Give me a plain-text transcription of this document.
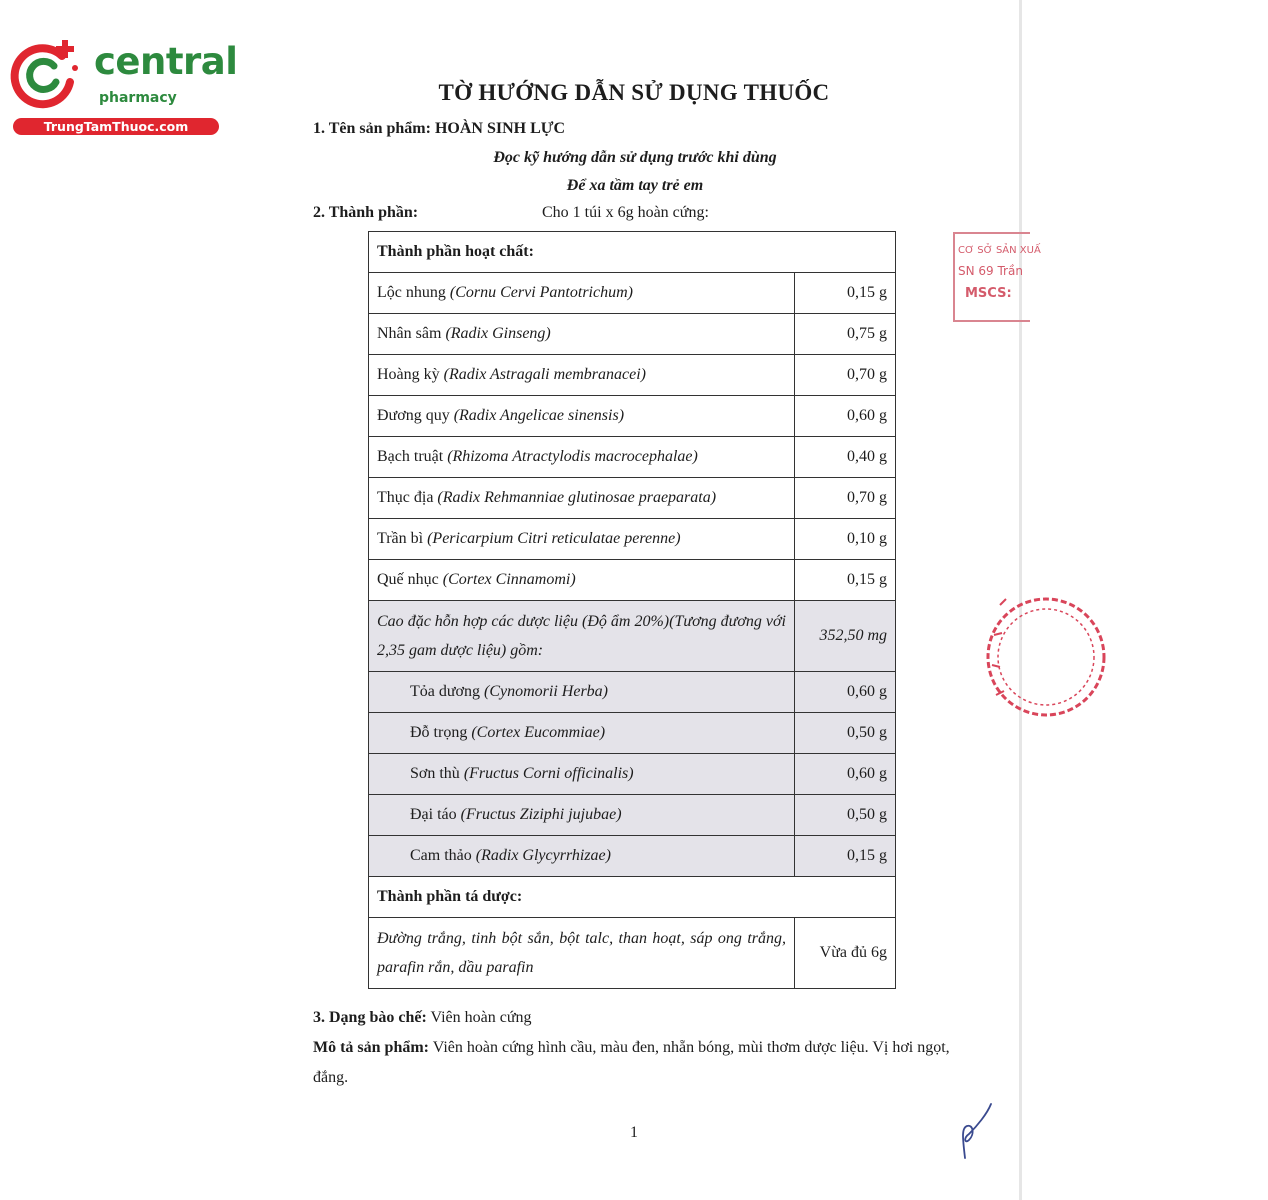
central
pharmacy
TrungTamThuoc.com
TỜ HƯỚNG DẪN SỬ DỤNG THUỐC
1. Tên sản phẩm: HOÀN SINH LỰC
Đọc kỹ hướng dẫn sử dụng trước khi dùng
Để xa tầm tay trẻ em
2. Thành phần:	Cho 1 túi x 6g hoàn cứng:
Thành phần hoạt chất:	
Lộc nhung (Cornu Cervi Pantotrichum)	0,15 g
Nhân sâm (Radix Ginseng)	0,75 g
Hoàng kỳ (Radix Astragali membranacei)	0,70 g
Đương quy (Radix Angelicae sinensis)	0,60 g
Bạch truật (Rhizoma Atractylodis macrocephalae)	0,40 g
Thục địa (Radix Rehmanniae glutinosae praeparata)	0,70 g
Trần bì (Pericarpium Citri reticulatae perenne)	0,10 g
Quế nhục (Cortex Cinnamomi)	0,15 g
Cao đặc hỗn hợp các dược liệu (Độ ẩm 20%)(Tương đương với 2,35 gam dược liệu) gồm:	352,50 mg

Tỏa dương (Cynomorii Herba)	0,60 g

Đỗ trọng (Cortex Eucommiae)	0,50 g

Sơn thù (Fructus Corni officinalis)	0,60 g

Đại táo (Fructus Ziziphi jujubae)	0,50 g

Cam thảo (Radix Glycyrrhizae)	0,15 g
Thành phần tá dược:	
Đường trắng, tinh bột sắn, bột talc, than hoạt, sáp ong trắng, parafin rắn, dầu parafin	Vừa đủ 6g
3. Dạng bào chế: Viên hoàn cứng
Mô tả sản phẩm: Viên hoàn cứng hình cầu, màu đen, nhẵn bóng, mùi thơm dược liệu. Vị hơi ngọt, đắng.
1
CƠ SỞ SẢN XUẤ
SN 69 Trần
MSCS:
